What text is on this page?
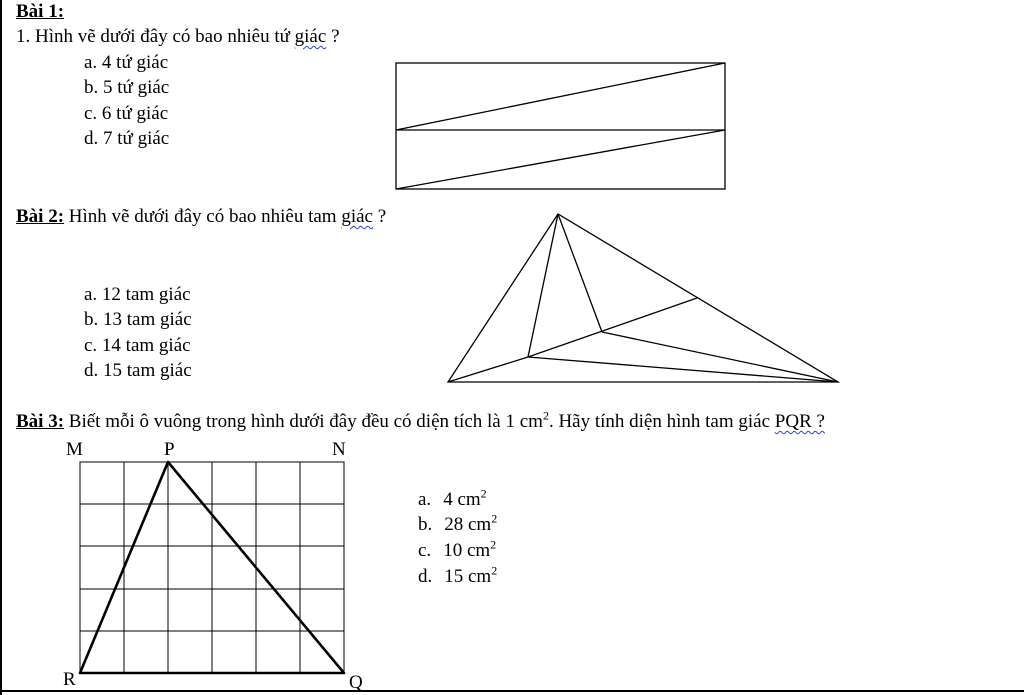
Bài 1:
1. Hình vẽ dưới đây có bao nhiêu tứ giác ?
a. 4 tứ giác
b. 5 tứ giác
c. 6 tứ giác
d. 7 tứ giác
Bài 2: Hình vẽ dưới đây có bao nhiêu tam giác ?
a. 12 tam giác
b. 13 tam giác
c. 14 tam giác
d. 15 tam giác
Bài 3: Biết mỗi ô vuông trong hình dưới đây đều có diện tích là 1 $cm^2$. Hãy tính diện hình tam giác PQR ?
a. 4 $cm^2$
b. 28 $cm^2$
c. 10 $cm^2$
d. 15 $cm^2$
M	P	N
R	Q
